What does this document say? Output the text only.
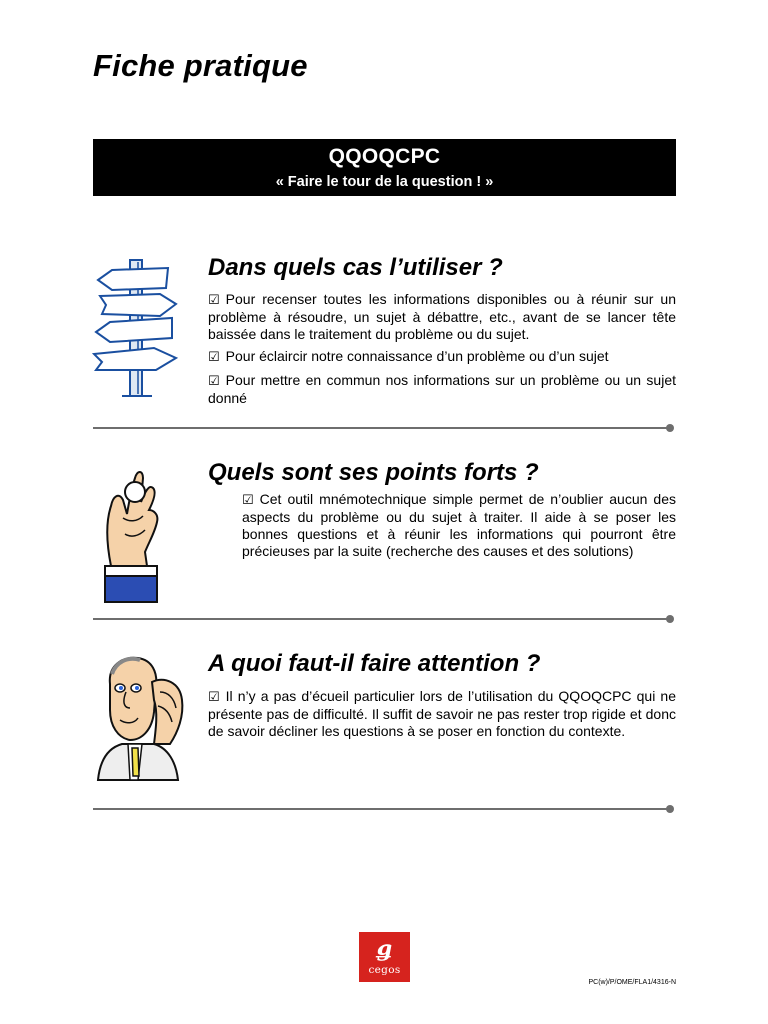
Fiche pratique
QQOQCPC
« Faire le tour de la question ! »
Dans quels cas l’utiliser ?
☑ Pour recenser toutes les informations disponibles ou à réunir sur un problème à résoudre, un sujet à débattre, etc., avant de se lancer tête baissée dans le traitement du problème ou du sujet.
☑ Pour éclaircir notre connaissance d’un problème ou d’un sujet
☑ Pour mettre en commun nos informations sur un problème ou un sujet donné
Quels sont ses points forts ?
☑ Cet outil mnémotechnique simple permet de n’oublier aucun des aspects du problème ou du sujet à traiter. Il aide à se poser les bonnes questions et à réunir les informations qui pourront être précieuses par la suite (recherche des causes et des solutions)
A quoi faut-il faire attention ?
☑ Il n’y a pas d’écueil particulier lors de l’utilisation du QQOQCPC qui ne présente pas de difficulté. Il suffit de savoir ne pas rester trop rigide et donc de savoir décliner les questions à se poser en fonction du contexte.
ǥ
cegos
PC(w)/P/OME/FLA1/4316-N
